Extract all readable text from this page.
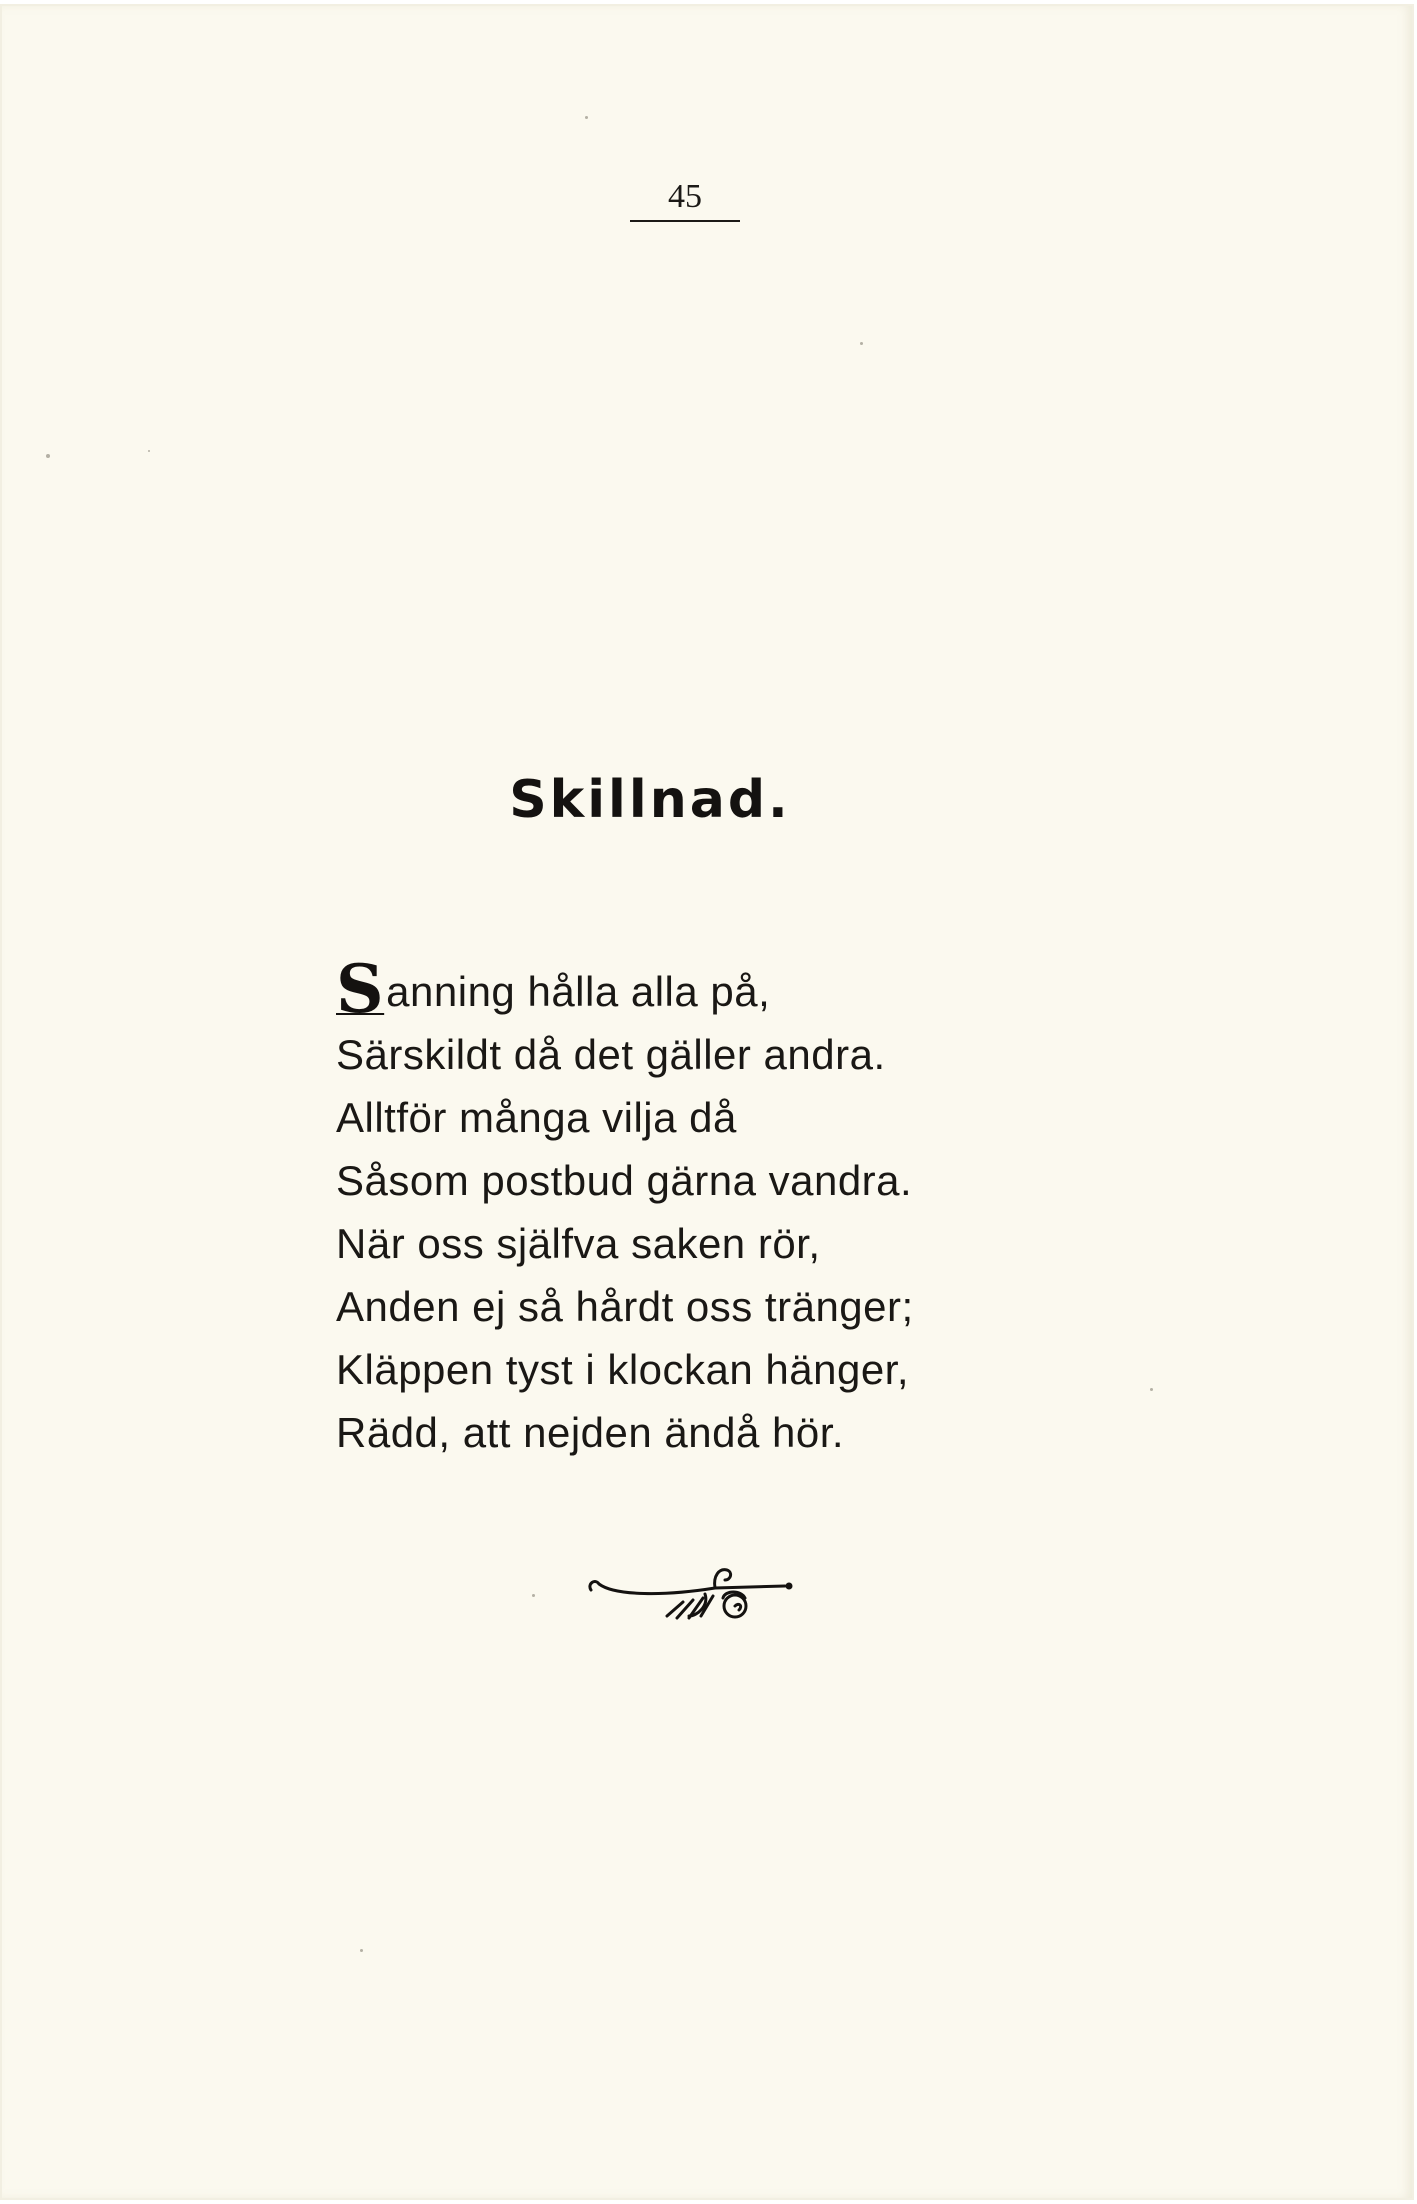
45
Skillnad.
Sanning hålla alla på,
Särskildt då det gäller andra.
Alltför många vilja då
Såsom postbud gärna vandra.
När oss själfva saken rör,
Anden ej så hårdt oss tränger;
Kläppen tyst i klockan hänger,
Rädd, att nejden ändå hör.
